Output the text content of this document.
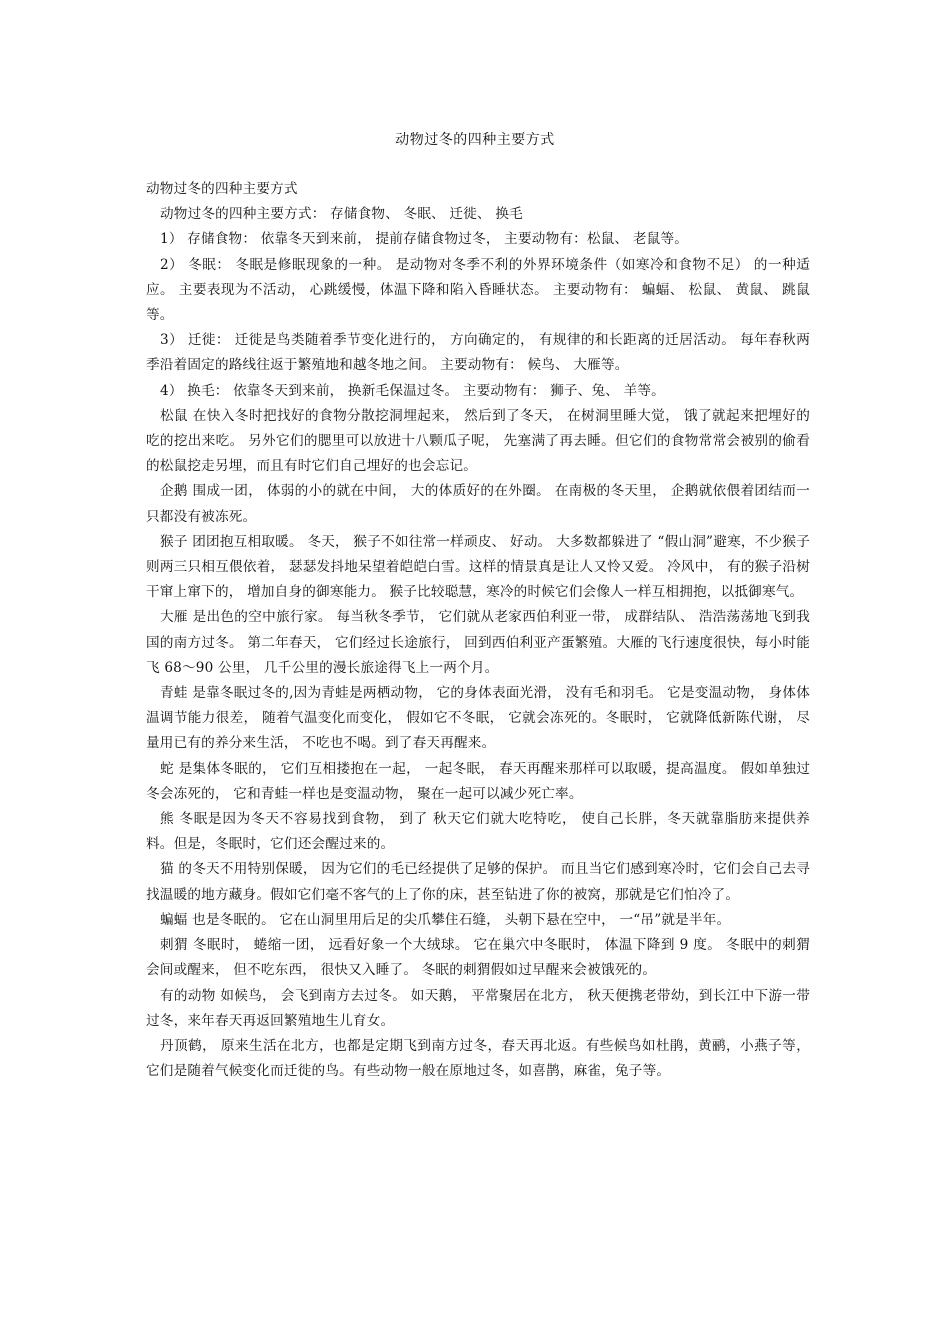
动物过冬的四种主要方式

动物过冬的四种主要方式

动物过冬的四种主要方式： 存储食物、 冬眠、 迁徙、 换毛

1） 存储食物： 依靠冬天到来前， 提前存储食物过冬， 主要动物有：松鼠、 老鼠等。

2） 冬眠： 冬眠是修眠现象的一种。 是动物对冬季不利的外界环境条件（如寒冷和食物不足） 的一种适应。 主要表现为不活动， 心跳缓慢，体温下降和陷入昏睡状态。 主要动物有： 蝙蝠、 松鼠、 黄鼠、 跳鼠等。

3） 迁徙： 迁徙是鸟类随着季节变化进行的， 方向确定的， 有规律的和长距离的迁居活动。 每年春秋两季沿着固定的路线往返于繁殖地和越冬地之间。 主要动物有： 候鸟、 大雁等。

4） 换毛： 依靠冬天到来前， 换新毛保温过冬。 主要动物有： 狮子、兔、 羊等。

松鼠 在快入冬时把找好的食物分散挖洞埋起来， 然后到了冬天， 在树洞里睡大觉， 饿了就起来把埋好的吃的挖出来吃。 另外它们的腮里可以放进十八颗瓜子呢， 先塞满了再去睡。但它们的食物常常会被别的偷看的松鼠挖走另埋，而且有时它们自己埋好的也会忘记。

企鹅 围成一团， 体弱的小的就在中间， 大的体质好的在外圈。 在南极的冬天里， 企鹅就依偎着团结而一只都没有被冻死。

猴子 团团抱互相取暖。 冬天， 猴子不如往常一样顽皮、 好动。 大多数都躲进了 “假山洞”避寒，不少猴子则两三只相互偎依着， 瑟瑟发抖地呆望着皑皑白雪。这样的情景真是让人又怜又爱。 冷风中， 有的猴子沿树干窜上窜下的， 增加自身的御寒能力。 猴子比较聪慧，寒冷的时候它们会像人一样互相拥抱，以抵御寒气。

大雁 是出色的空中旅行家。 每当秋冬季节， 它们就从老家西伯利亚一带， 成群结队、 浩浩荡荡地飞到我国的南方过冬。 第二年春天， 它们经过长途旅行， 回到西伯利亚产蛋繁殖。大雁的飞行速度很快，每小时能飞 68～90 公里， 几千公里的漫长旅途得飞上一两个月。

青蛙 是靠冬眠过冬的,因为青蛙是两栖动物， 它的身体表面光滑， 没有毛和羽毛。 它是变温动物， 身体体温调节能力很差， 随着气温变化而变化， 假如它不冬眠， 它就会冻死的。冬眠时， 它就降低新陈代谢， 尽量用已有的养分来生活， 不吃也不喝。到了春天再醒来。

蛇 是集体冬眠的， 它们互相搂抱在一起， 一起冬眠， 春天再醒来那样可以取暖，提高温度。 假如单独过冬会冻死的， 它和青蛙一样也是变温动物， 聚在一起可以减少死亡率。

熊 冬眠是因为冬天不容易找到食物， 到了 秋天它们就大吃特吃， 使自己长胖，冬天就靠脂肪来提供养料。但是，冬眠时，它们还会醒过来的。

猫 的冬天不用特别保暖， 因为它们的毛已经提供了足够的保护。 而且当它们感到寒冷时，它们会自己去寻找温暖的地方藏身。假如它们毫不客气的上了你的床，甚至钻进了你的被窝，那就是它们怕冷了。

蝙蝠 也是冬眠的。 它在山洞里用后足的尖爪攀住石缝， 头朝下悬在空中， 一“吊”就是半年。

刺猬 冬眠时， 蜷缩一团， 远看好象一个大绒球。 它在巢穴中冬眠时， 体温下降到 9 度。 冬眠中的刺猬会间或醒来， 但不吃东西， 很快又入睡了。 冬眠的刺猬假如过早醒来会被饿死的。

有的动物 如候鸟， 会飞到南方去过冬。 如天鹅， 平常聚居在北方， 秋天便携老带幼，到长江中下游一带过冬，来年春天再返回繁殖地生儿育女。

丹顶鹤， 原来生活在北方，也都是定期飞到南方过冬，春天再北返。有些候鸟如杜鹃，黄鹂，小燕子等，它们是随着气候变化而迁徙的鸟。有些动物一般在原地过冬，如喜鹊，麻雀，兔子等。
